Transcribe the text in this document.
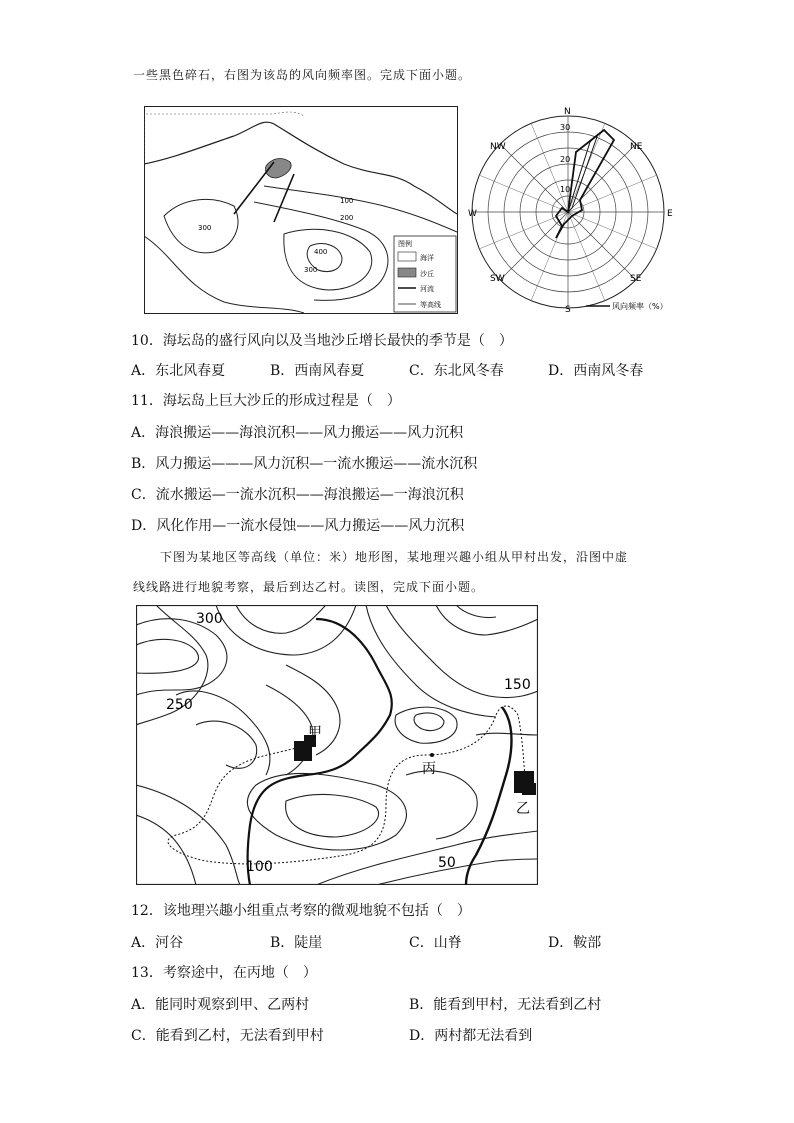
一些黑色碎石，右图为该岛的风向频率图。完成下面小题。
100
200
300
300
400
图例
海洋
沙丘
河流
等高线
30
20
10
N
NE
E
SE
S
SW
W
NW
风向频率（%）
10．海坛岛的盛行风向以及当地沙丘增长最快的季节是（　）
A．东北风春夏	B．西南风春夏	C．东北风冬春	D．西南风冬春
11．海坛岛上巨大沙丘的形成过程是（　）
A．海浪搬运——海浪沉积——风力搬运——风力沉积
B．风力搬运———风力沉积—一流水搬运——流水沉积
C．流水搬运—一流水沉积——海浪搬运—一海浪沉积
D．风化作用—一流水侵蚀——风力搬运——风力沉积
下图为某地区等高线（单位：米）地形图，某地理兴趣小组从甲村出发，沿图中虚
线线路进行地貌考察，最后到达乙村。读图，完成下面小题。
300
250
150
100	50
甲
丙
乙
12．该地理兴趣小组重点考察的微观地貌不包括（　）
A．河谷	B．陡崖	C．山脊	D．鞍部
13．考察途中，在丙地（　）
A．能同时观察到甲、乙两村	B．能看到甲村，无法看到乙村
C．能看到乙村，无法看到甲村	D．两村都无法看到
